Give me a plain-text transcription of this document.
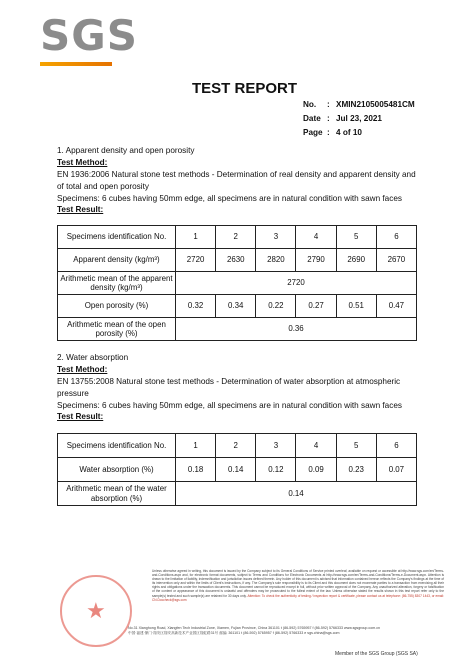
SGS
TEST REPORT
No. : XMIN2105005481CM
Date : Jul 23, 2021
Page : 4 of 10
1. Apparent density and open porosity
Test Method:
EN 1936:2006 Natural stone test methods - Determination of real density and apparent density and of total and open porosity
Specimens: 6 cubes having 50mm edge, all specimens are in natural condition with sawn faces
Test Result:
Specimens identification No.	1	2	3	4	5	6
Apparent density (kg/m³)	2720	2630	2820	2790	2690	2670
Arithmetic mean of the apparent density (kg/m³)	2720					
Open porosity (%)	0.32	0.34	0.22	0.27	0.51	0.47
Arithmetic mean of the open porosity (%)	0.36					
2. Water absorption
Test Method:
EN 13755:2008 Natural stone test methods - Determination of water absorption at atmospheric pressure
Specimens: 6 cubes having 50mm edge, all specimens are in natural condition with sawn faces
Test Result:
Specimens identification No.	1	2	3	4	5	6
Water absorption (%)	0.18	0.14	0.12	0.09	0.23	0.07
Arithmetic mean of the water absorption (%)	0.14					
★
Unless otherwise agreed in writing, this document is issued by the Company subject to its General Conditions of Service printed overleaf, available on request or accessible at http://www.sgs.com/en/Terms-and-Conditions.aspx and, for electronic format documents, subject to Terms and Conditions for Electronic Documents at http://www.sgs.com/en/Terms-and-Conditions/Terms-e-Document.aspx. Attention is drawn to the limitation of liability, indemnification and jurisdiction issues defined therein. Any holder of this document is advised that information contained hereon reflects the Company's findings at the time of its intervention only and within the limits of Client's instructions, if any. The Company's sole responsibility is to its Client and this document does not exonerate parties to a transaction from exercising all their rights and obligations under the transaction documents. This document cannot be reproduced except in full, without prior written approval of the Company. Any unauthorized alteration, forgery or falsification of the content or appearance of this document is unlawful and offenders may be prosecuted to the fullest extent of the law. Unless otherwise stated the results shown in this test report refer only to the sample(s) tested and such sample(s) are retained for 30 days only. Attention: To check the authenticity of testing / inspection report & certificate, please contact us at telephone: (86-755) 8307 1443, or email: CN.Doccheck@sgs.com
No.31 Xianghong Road, Xiangfen Tech Industrial Zone, Xiamen, Fujian Province, China 361101 t (86-592) 5765957 f (86-592) 5766333 www.sgsgroup.com.cn
中国·福建·厦门·翔安区翔安高新技术产业园区翔虹路31号 邮编: 361101 t (86-592) 5765957 f (86-592) 5766333 e sgs.china@sgs.com
Member of the SGS Group (SGS SA)
